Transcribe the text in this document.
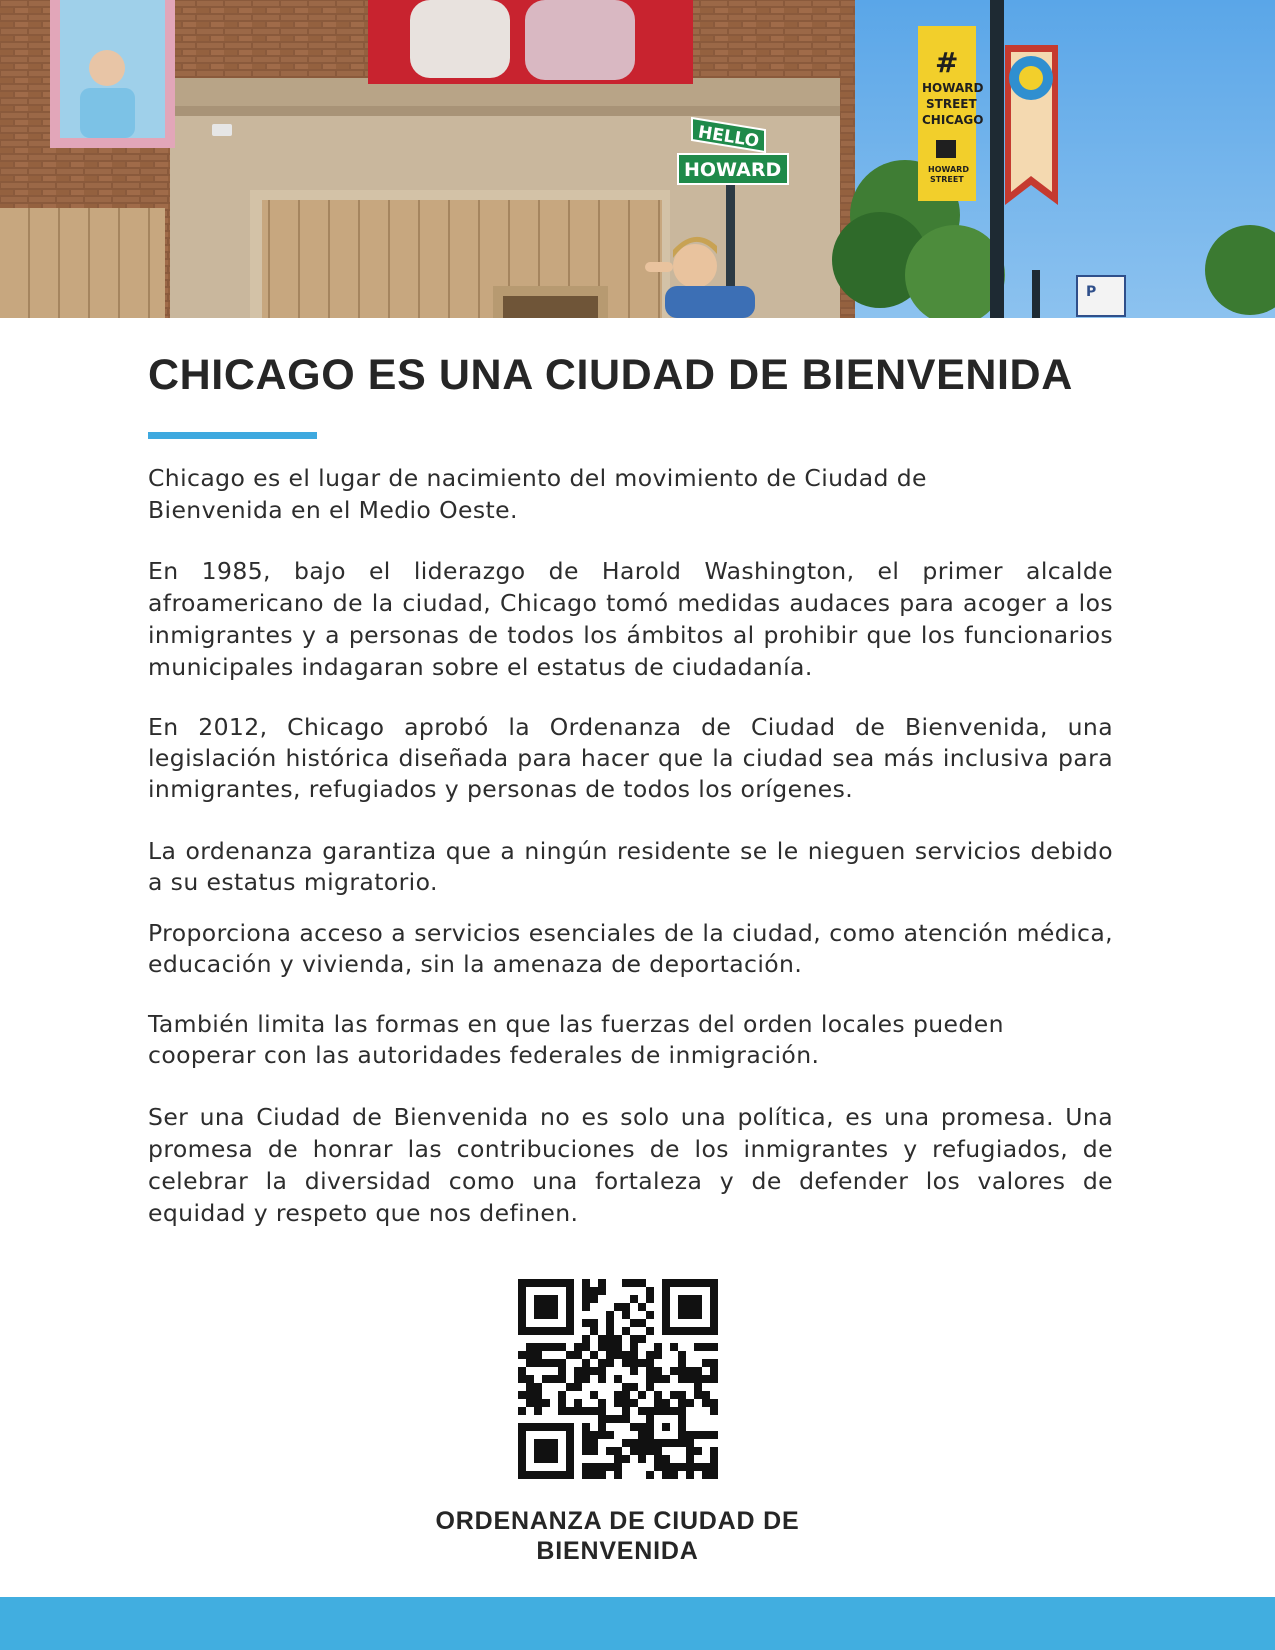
HELLO
HOWARD
#
HOWARD
STREET
CHICAGO
HOWARD
STREET
P
CHICAGO ES UNA CIUDAD DE BIENVENIDA

Chicago es el lugar de nacimiento del movimiento de Ciudad de Bienvenida en el Medio Oeste.

En 1985, bajo el liderazgo de Harold Washington, el primer alcalde afroamericano de la ciudad, Chicago tomó medidas audaces para acoger a los inmigrantes y a personas de todos los ámbitos al prohibir que los funcionarios municipales indagaran sobre el estatus de ciudadanía.

En 2012, Chicago aprobó la Ordenanza de Ciudad de Bienvenida, una legislación histórica diseñada para hacer que la ciudad sea más inclusiva para inmigrantes, refugiados y personas de todos los orígenes.

La ordenanza garantiza que a ningún residente se le nieguen servicios debido a su estatus migratorio.

Proporciona acceso a servicios esenciales de la ciudad, como atención médica, educación y vivienda, sin la amenaza de deportación.

También limita las formas en que las fuerzas del orden locales pueden cooperar con las autoridades federales de inmigración.

Ser una Ciudad de Bienvenida no es solo una política, es una promesa. Una promesa de honrar las contribuciones de los inmigrantes y refugiados, de celebrar la diversidad como una fortaleza y de defender los valores de equidad y respeto que nos definen.

ORDENANZA DE CIUDAD DE
BIENVENIDA
